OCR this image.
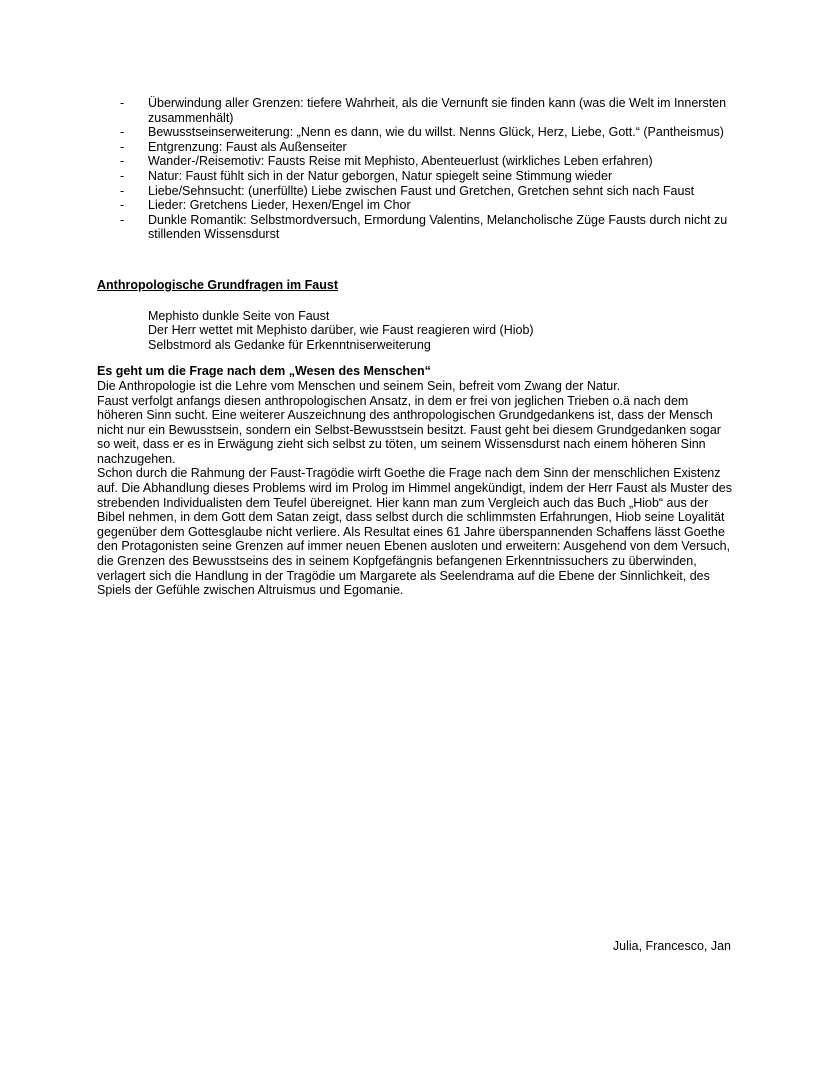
-	Überwindung aller Grenzen: tiefere Wahrheit, als die Vernunft sie finden kann (was die Welt im Innersten zusammenhält)
-	Bewusstseinserweiterung: „Nenn es dann, wie du willst. Nenns Glück, Herz, Liebe, Gott.“ (Pantheismus)
-	Entgrenzung: Faust als Außenseiter
-	Wander-/Reisemotiv: Fausts Reise mit Mephisto, Abenteuerlust (wirkliches Leben erfahren)
-	Natur: Faust fühlt sich in der Natur geborgen, Natur spiegelt seine Stimmung wieder
-	Liebe/Sehnsucht: (unerfüllte) Liebe zwischen Faust und Gretchen, Gretchen sehnt sich nach Faust
-	Lieder: Gretchens Lieder, Hexen/Engel im Chor
-	Dunkle Romantik: Selbstmordversuch, Ermordung Valentins, Melancholische Züge Fausts durch nicht zu stillenden Wissensdurst
Anthropologische Grundfragen im Faust
Mephisto dunkle Seite von Faust
Der Herr wettet mit Mephisto darüber, wie Faust reagieren wird (Hiob)
Selbstmord als Gedanke für Erkenntniserweiterung
Es geht um die Frage nach dem „Wesen des Menschen“

Die Anthropologie ist die Lehre vom Menschen und seinem Sein, befreit vom Zwang der Natur.

Faust verfolgt anfangs diesen anthropologischen Ansatz, in dem er frei von jeglichen Trieben o.ä nach dem höheren Sinn sucht. Eine weiterer Auszeichnung des anthropologischen Grundgedankens ist, dass der Mensch nicht nur ein Bewusstsein, sondern ein Selbst-Bewusstsein besitzt. Faust geht bei diesem Grundgedanken sogar so weit, dass er es in Erwägung zieht sich selbst zu töten, um seinem Wissensdurst nach einem höheren Sinn nachzugehen.

Schon durch die Rahmung der Faust-Tragödie wirft Goethe die Frage nach dem Sinn der menschlichen Existenz auf. Die Abhandlung dieses Problems wird im Prolog im Himmel angekündigt, indem der Herr Faust als Muster des strebenden Individualisten dem Teufel übereignet. Hier kann man zum Vergleich auch das Buch „Hiob“ aus der Bibel nehmen, in dem Gott dem Satan zeigt, dass selbst durch die schlimmsten Erfahrungen, Hiob seine Loyalität gegenüber dem Gottesglaube nicht verliere. Als Resultat eines 61 Jahre überspannenden Schaffens lässt Goethe den Protagonisten seine Grenzen auf immer neuen Ebenen ausloten und erweitern: Ausgehend von dem Versuch, die Grenzen des Bewusstseins des in seinem Kopfgefängnis befangenen Erkenntnissuchers zu überwinden, verlagert sich die Handlung in der Tragödie um Margarete als Seelendrama auf die Ebene der Sinnlichkeit, des Spiels der Gefühle zwischen Altruismus und Egomanie.

Julia, Francesco, Jan
